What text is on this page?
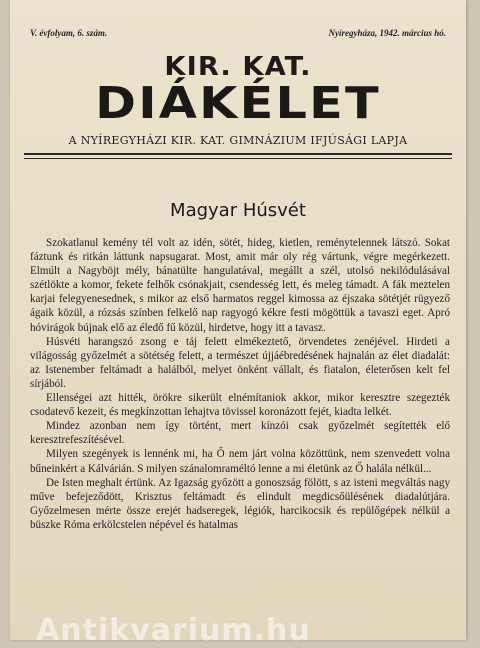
V. évfolyam, 6. szám.	Nyíregyháza, 1942. március hó.
KIR. KAT.
DIÁKÉLET
A NYÍREGYHÁZI KIR. KAT. GIMNÁZIUM IFJÚSÁGI LAPJA
Magyar Húsvét

Szokatlanul kemény tél volt az idén, sötét, hideg, kietlen, reménytelennek látszó. Sokat fáztunk és ritkán láttunk napsugarat. Most, amit már oly rég vártunk, végre megérkezett. Elmúlt a Nagyböjt mély, bánatülte hangulatával, megállt a szél, utolsó nekilódulásával szétlökte a komor, fekete felhők csónakjait, csendesség lett, és meleg támadt. A fák meztelen karjai felegyenesednek, s mikor az első harmatos reggel kimossa az éjszaka sötétjét rügyező ágaik közül, a rózsás színben felkelő nap ragyogó kékre festi mögöttük a tavaszi eget. Apró hóvirágok bújnak elő az éledő fű közül, hirdetve, hogy itt a tavasz.

Húsvéti harangszó zsong e táj felett elmékeztető, örvendetes zenéjével. Hirdeti a világosság győzelmét a sötétség felett, a természet újjáébredésének hajnalán az élet diadalát: az Istenember feltámadt a halálból, melyet önként vállalt, és fiatalon, életerősen kelt fel sírjából.

Ellenségei azt hitték, örökre sikerült elnémítaniok akkor, mikor keresztre szegezték csodatevő kezeit, és megkínzottan lehajtva tövissel koronázott fejét, kiadta lelkét.

Mindez azonban nem így történt, mert kínzói csak győzelmét segítették elő keresztrefeszítésével.

Milyen szegények is lennénk mi, ha Ő nem járt volna közöttünk, nem szenvedett volna bűneinkért a Kálvárián. S milyen szánalomraméltó lenne a mi életünk az Ő halála nélkül...

De Isten meghalt értünk. Az Igazság győzött a gonoszság fölött, s az isteni megváltás nagy műve befejeződött, Krisztus feltámadt és elindult megdicsőülésének diadalútjára. Győzelmesen mérte össze erejét hadseregek, légiók, harcikocsik és repülőgépek nélkül a büszke Róma erkölcstelen népével és hatalmas

Antikvarium.hu
